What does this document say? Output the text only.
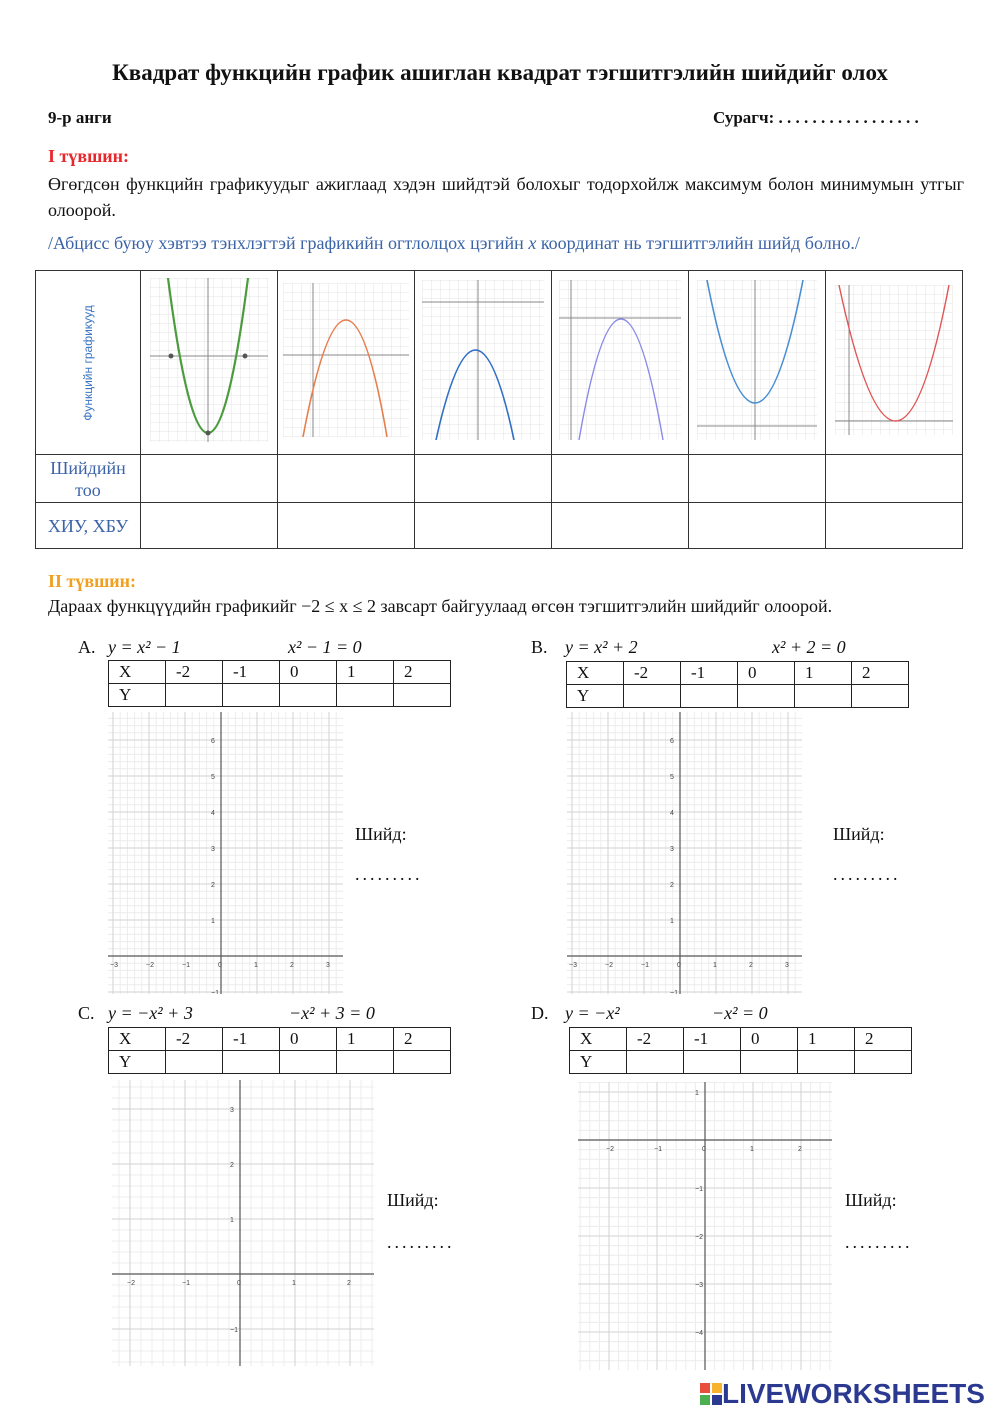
Квадрат функцийн график ашиглан квадрат тэгшитгэлийн шийдийг олох
9-р анги	Сурагч: . . . . . . . . . . . . . . . . .
I түвшин:
Өгөгдсөн функцийн графикуудыг ажиглаад хэдэн шийдтэй болохыг тодорхойлж максимум болон минимумын утгыг олоорой.
/Абцисс буюу хэвтээ тэнхлэгтэй графикийн огтлолцох цэгийн x координат нь тэгшитгэлийн шийд болно./
Функцийн графикууд

Шийдийн тоо						
ХИУ, ХБУ						
II түвшин:
Дараах функцүүдийн графикийг −2 ≤ x ≤ 2 завсарт байгуулаад өгсөн тэгшитгэлийн шийдийг олоорой.
A. y = x² − 1	x² − 1 = 0
X	-2	-1	0	1	2
Y					
−3	−2	−1	0	1	2	3
−1
1
2
3
4
5
6
Шийд:
.........
B. y = x² + 2	x² + 2 = 0
X	-2	-1	0	1	2
Y					
−3	−2	−1	0	1	2	3
−1
1
2
3
4
5
6
Шийд:
.........
C. y = −x² + 3	−x² + 3 = 0
X	-2	-1	0	1	2
Y					
−2	−1	0	1	2
−1
1
2
3
Шийд:
.........
D. y = −x²	−x² = 0
X	-2	-1	0	1	2
Y					
−2	−1	0	1	2
−4
−3
−2
−1
1
Шийд:
.........
LIVEWORKSHEETS
